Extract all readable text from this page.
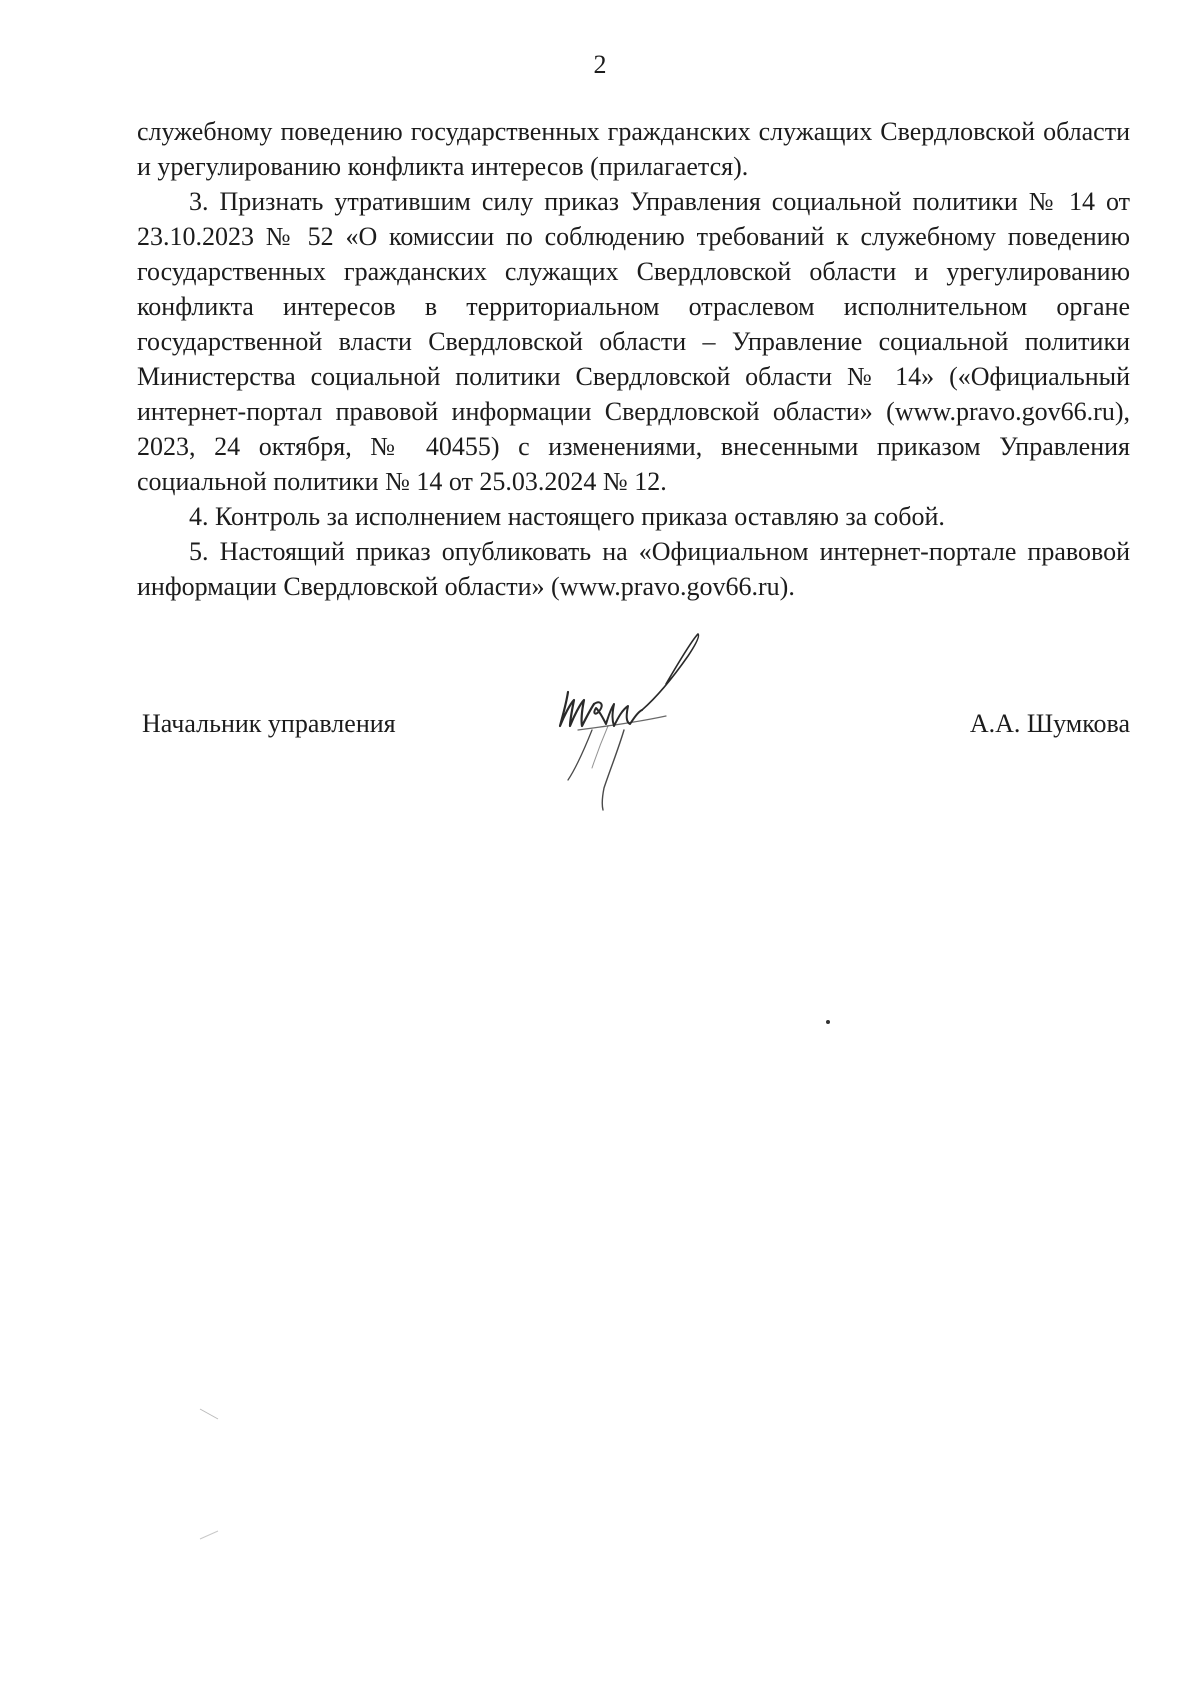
2

служебному поведению государственных гражданских служащих Свердловской области и урегулированию конфликта интересов (прилагается).

3. Признать утратившим силу приказ Управления социальной политики № 14 от 23.10.2023 № 52 «О комиссии по соблюдению требований к служебному поведению государственных гражданских служащих Свердловской области и урегулированию конфликта интересов в территориальном отраслевом исполнительном органе государственной власти Свердловской области – Управление социальной политики Министерства социальной политики Свердловской области № 14» («Официальный интернет-портал правовой информации Свердловской области» (www.pravo.gov66.ru), 2023, 24 октября, № 40455) с изменениями, внесенными приказом Управления социальной политики № 14 от 25.03.2024 № 12.

4. Контроль за исполнением настоящего приказа оставляю за собой.

5. Настоящий приказ опубликовать на «Официальном интернет-портале правовой информации Свердловской области» (www.pravo.gov66.ru).

Начальник управления	А.А. Шумкова
